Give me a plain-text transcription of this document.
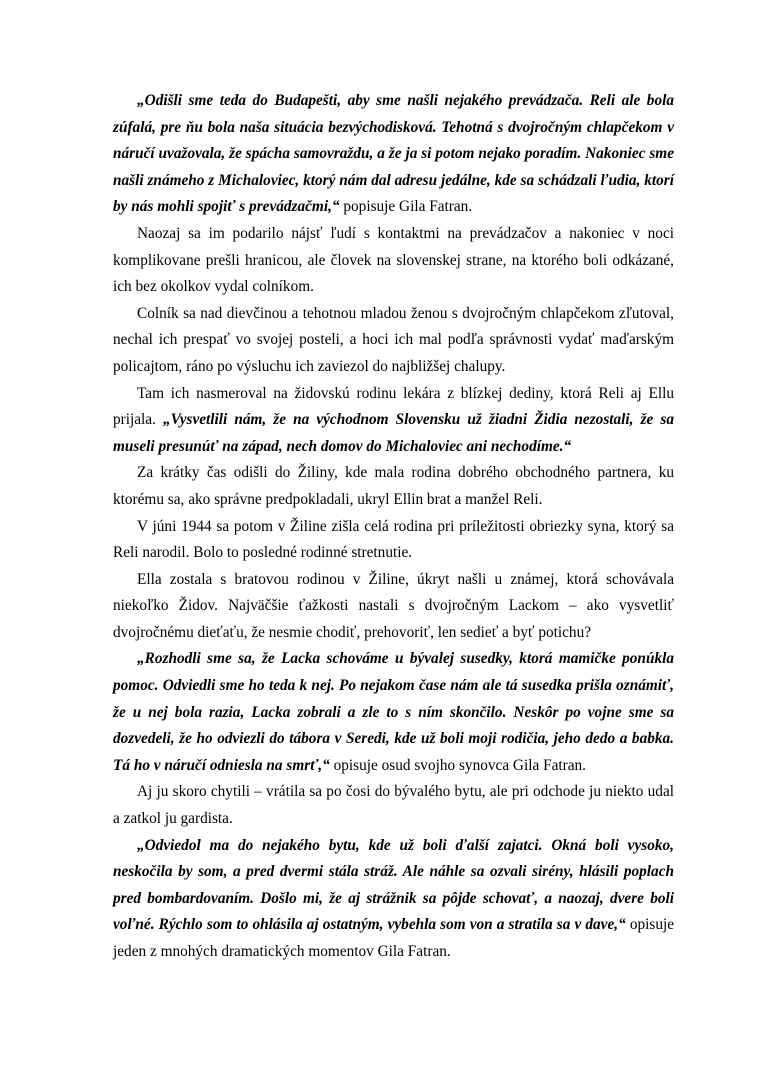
„Odišli sme teda do Budapešti, aby sme našli nejakého prevádzača. Reli ale bola zúfalá, pre ňu bola naša situácia bezvýchodisková. Tehotná s dvojročným chlapčekom v náručí uvažovala, že spácha samovraždu, a že ja si potom nejako poradím. Nakoniec sme našli známeho z Michaloviec, ktorý nám dal adresu jedálne, kde sa schádzali ľudia, ktorí by nás mohli spojiť s prevádzačmi,“ popisuje Gila Fatran.

Naozaj sa im podarilo nájsť ľudí s kontaktmi na prevádzačov a nakoniec v noci komplikovane prešli hranicou, ale človek na slovenskej strane, na ktorého boli odkázané, ich bez okolkov vydal colníkom.

Colník sa nad dievčinou a tehotnou mladou ženou s dvojročným chlapčekom zľutoval, nechal ich prespať vo svojej posteli, a hoci ich mal podľa správnosti vydať maďarským policajtom, ráno po výsluchu ich zaviezol do najbližšej chalupy.

Tam ich nasmeroval na židovskú rodinu lekára z blízkej dediny, ktorá Reli aj Ellu prijala. „Vysvetlili nám, že na východnom Slovensku už žiadni Židia nezostali, že sa museli presunúť na západ, nech domov do Michaloviec ani nechodíme.“

Za krátky čas odišli do Žiliny, kde mala rodina dobrého obchodného partnera, ku ktorému sa, ako správne predpokladali, ukryl Ellin brat a manžel Reli.

V júni 1944 sa potom v Žiline zišla celá rodina pri príležitosti obriezky syna, ktorý sa Reli narodil. Bolo to posledné rodinné stretnutie.

Ella zostala s bratovou rodinou v Žiline, úkryt našli u známej, ktorá schovávala niekoľko Židov. Najväčšie ťažkosti nastali s dvojročným Lackom – ako vysvetliť dvojročnému dieťaťu, že nesmie chodiť, prehovoriť, len sedieť a byť potichu?

„Rozhodli sme sa, že Lacka schováme u bývalej susedky, ktorá mamičke ponúkla pomoc. Odviedli sme ho teda k nej. Po nejakom čase nám ale tá susedka prišla oznámiť, že u nej bola razia, Lacka zobrali a zle to s ním skončilo. Neskôr po vojne sme sa dozvedeli, že ho odviezli do tábora v Seredi, kde už boli moji rodičia, jeho dedo a babka. Tá ho v náručí odniesla na smrť,“ opisuje osud svojho synovca Gila Fatran.

Aj ju skoro chytili – vrátila sa po čosi do bývalého bytu, ale pri odchode ju niekto udal a zatkol ju gardista.

„Odviedol ma do nejakého bytu, kde už boli ďalší zajatci. Okná boli vysoko, neskočila by som, a pred dvermi stála stráž. Ale náhle sa ozvali sirény, hlásili poplach pred bombardovaním. Došlo mi, že aj strážnik sa pôjde schovať, a naozaj, dvere boli voľné. Rýchlo som to ohlásila aj ostatným, vybehla som von a stratila sa v dave,“ opisuje jeden z mnohých dramatických momentov Gila Fatran.
